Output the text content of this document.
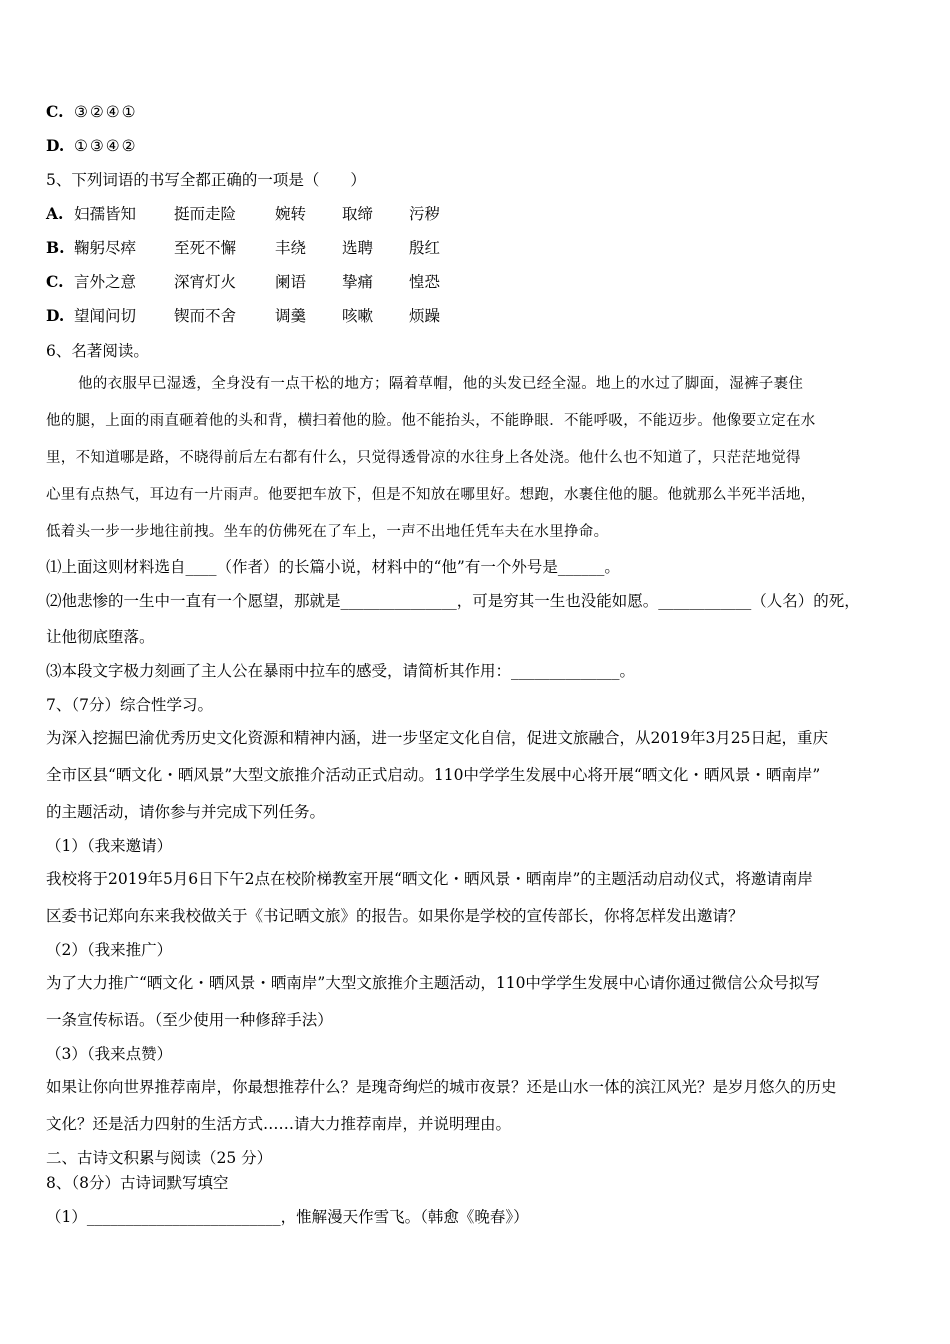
C. ③②④①
D. ①③④②
5、下列词语的书写全都正确的一项是（　　）
A. 妇孺皆知 挺而走险	婉转 取缔 污秽
B. 鞠躬尽瘁 至死不懈	丰绕 选聘 殷红
C. 言外之意 深宵灯火	阑语 挚痛 惶恐
D. 望闻问切 锲而不舍	调羹 咳嗽 烦躁
6、名著阅读。
他的衣服早已湿透，全身没有一点干松的地方；隔着草帽，他的头发已经全湿。地上的水过了脚面，湿裤子裹住
他的腿，上面的雨直砸着他的头和背，横扫着他的脸。他不能抬头，不能睁眼．不能呼吸，不能迈步。他像要立定在水
里，不知道哪是路，不晓得前后左右都有什么，只觉得透骨凉的水往身上各处浇。他什么也不知道了，只茫茫地觉得
心里有点热气，耳边有一片雨声。他要把车放下，但是不知放在哪里好。想跑，水裹住他的腿。他就那么半死半活地，
低着头一步一步地往前拽。坐车的仿佛死在了车上，一声不出地任凭车夫在水里挣命。
⑴上面这则材料选自____（作者）的长篇小说，材料中的“他”有一个外号是______。
⑵他悲惨的一生中一直有一个愿望，那就是_______________，可是穷其一生也没能如愿。____________（人名）的死，
让他彻底堕落。
⑶本段文字极力刻画了主人公在暴雨中拉车的感受，请简析其作用：______________。
7、（7分）综合性学习。
为深入挖掘巴渝优秀历史文化资源和精神内涵，进一步坚定文化自信，促进文旅融合，从2019年3月25日起，重庆
全市区县“晒文化・晒风景”大型文旅推介活动正式启动。110中学学生发展中心将开展“晒文化・晒风景・晒南岸”
的主题活动，请你参与并完成下列任务。
（1）（我来邀请）
我校将于2019年5月6日下午2点在校阶梯教室开展“晒文化・晒风景・晒南岸”的主题活动启动仪式，将邀请南岸
区委书记郑向东来我校做关于《书记晒文旅》的报告。如果你是学校的宣传部长，你将怎样发出邀请？
（2）（我来推广）
为了大力推广“晒文化・晒风景・晒南岸”大型文旅推介主题活动，110中学学生发展中心请你通过微信公众号拟写
一条宣传标语。（至少使用一种修辞手法）
（3）（我来点赞）
如果让你向世界推荐南岸，你最想推荐什么？是瑰奇绚烂的城市夜景？还是山水一体的滨江风光？是岁月悠久的历史
文化？还是活力四射的生活方式……请大力推荐南岸，并说明理由。
二、古诗文积累与阅读（25 分）
8、（8分）古诗词默写填空
（1）_________________________，惟解漫天作雪飞。（韩愈《晚春》）
